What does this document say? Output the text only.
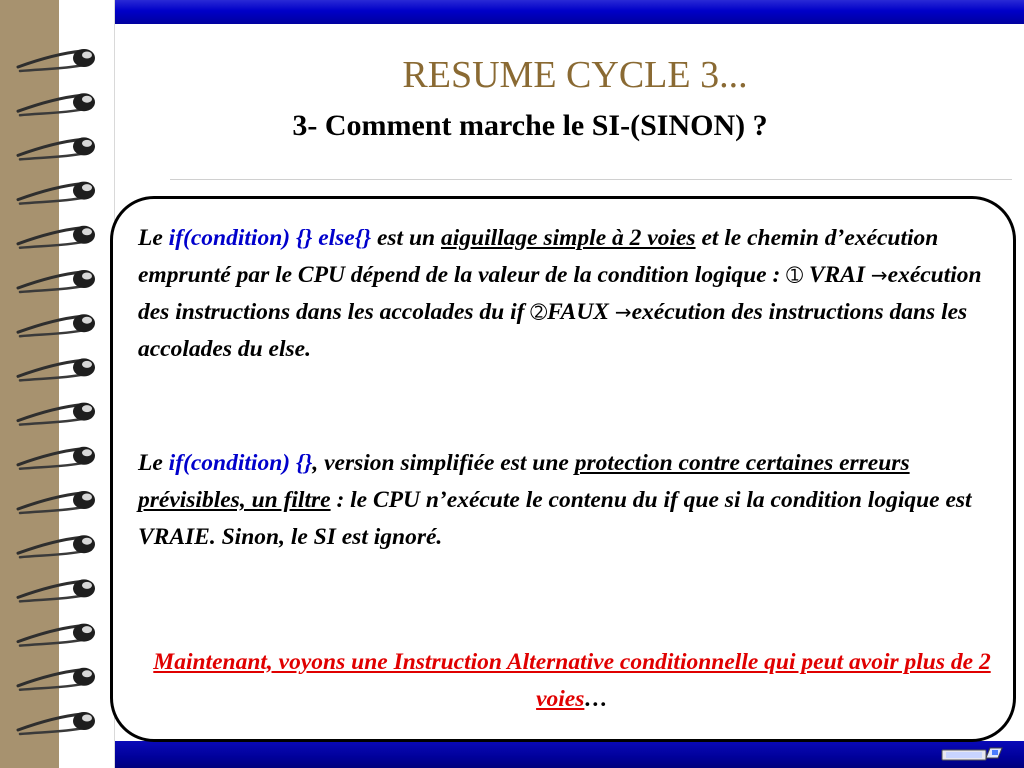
RESUME CYCLE 3...
3- Comment marche le SI-(SINON) ?
Le if(condition) {} else{} est un aiguillage simple à 2 voies et le chemin d’exécution emprunté par le CPU dépend de la valeur de la condition logique : ➀ VRAI →exécution des instructions dans les accolades du if ➁FAUX →exécution des instructions dans les accolades du else.
Le if(condition) {}, version simplifiée est une protection contre certaines erreurs prévisibles, un filtre : le CPU n’exécute le contenu du if que si la condition logique est VRAIE. Sinon, le SI est ignoré.
Maintenant, voyons une Instruction Alternative conditionnelle qui peut avoir plus de 2 voies…
